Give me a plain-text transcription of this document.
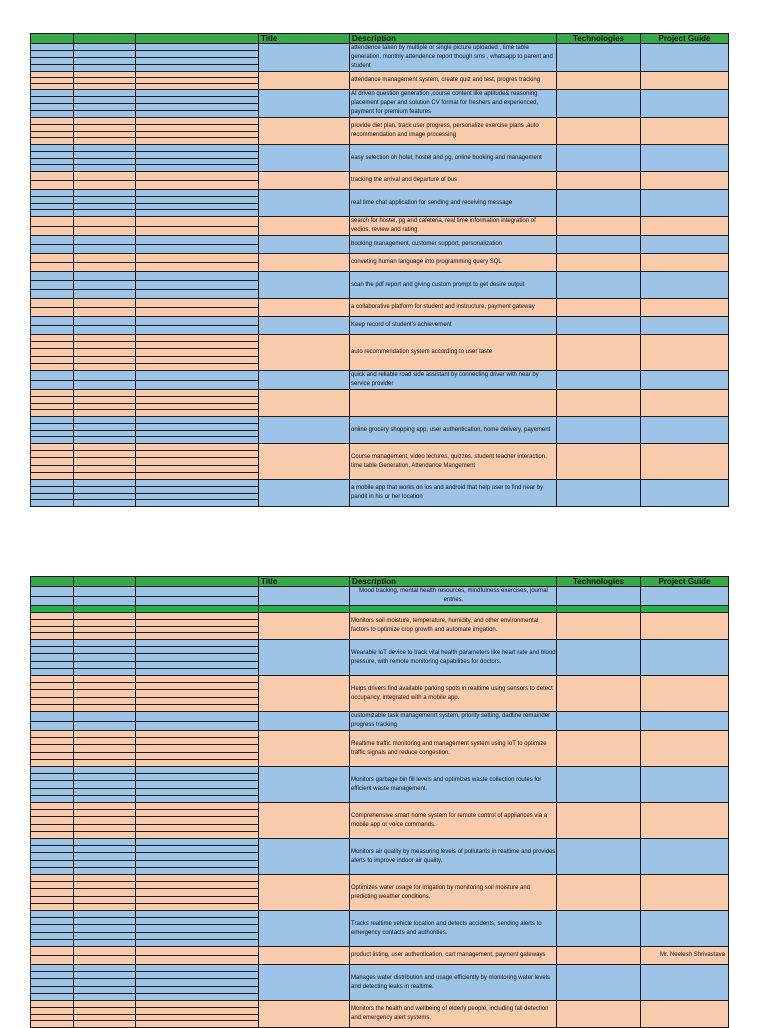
			Title	Description	Technologies	Project Guide

				attendence taken by multiple or single picture uploaded , time table generation, monthly attendence report though sms , whatsapp to parent and student		

				attendance management system, create quiz and test, progres tracking		

				AI driven question generation ,course content like aptitude& reasoning placement paper and solution CV format for freshers and experienced, payment for premium features		

				provide diet plan, track user progress, personalize exercise plans ,auto recommendation and image processing		

				easy selection oh hotel, hostel and pg, online booking and management		

				tracking the arrival and departure of bus		

				real time chat application for sending and receiving message		

				search for hostel, pg and cafeteria, real time information integration of vedios, review and rating		

				booking management, customer support, personalization		

				conveting human language into programming query SQL		

				scan the pdf report and giving custom prompt to get desire output		

				a collaborative platform for student and instructure, payment gateway		

				Keep record of student's achievement		

				auto recommendation system according to user taste		

				quick and reliable road side assistant by connecting driver with near by service provider		

				online grocery shopping app, user authentication, home delivery, payement		

				Course management, video lectures, quizzes, student teacher interaction, time table Generation, Attendance Mangement		

				a mobile app that works on ios and android that help user to find near by pandit in his or her location		

			Title	Description	Technologies	Project Guide

				Mood tracking, mental health resources, mindfulness exercises, journal entries.		

				Monitors soil moisture, temperature, humidity, and other environmental factors to optimize crop growth and automate irrigation.		

				Wearable IoT device to track vital health parameters like heart rate and blood pressure, with remote monitoring capabilities for doctors.		

				Helps drivers find available parking spots in realtime using sensors to detect occupancy, integrated with a mobile app.		

				customizable task managemenrt system, priority setting, dadline remainder progress tracking		

				Realtime traffic monitoring and management system using IoT to optimize traffic signals and reduce congestion.		

				Monitors garbage bin fill levels and optimizes waste collection routes for efficient waste management.		

				Comprehensive smart home system for remote control of appliances via a mobile app or voice commands.		

				Monitors air quality by measuring levels of pollutants in realtime and provides alerts to improve indoor air quality.		

				Optimizes water usage for irrigation by monitoring soil moisture and predicting weather conditions.		

				Tracks realtime vehicle location and detects accidents, sending alerts to emergency contacts and authorities.		

				product listing, user authentication, cart management, payment gateways		Mr. Neelesh Shrivastava

				Manages water distribution and usage efficiently by monitoring water levels and detecting leaks in realtime.		

				Monitors the health and wellbeing of elderly people, including fall detection and emergency alert systems.		
